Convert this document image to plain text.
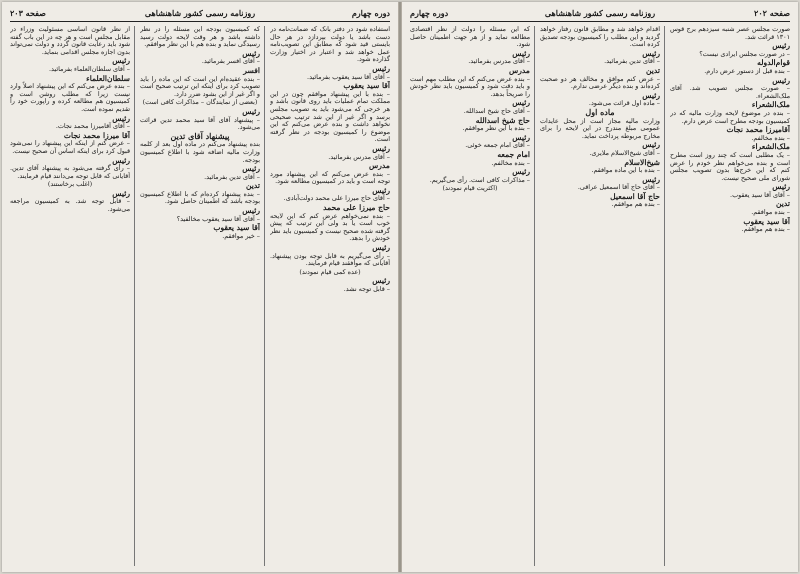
دوره چهارم
روزنامه رسمی کشور شاهنشاهی
صفحه ۲۰۳

استفاده شود در دفتر بانک که ضمانت‌نامه در دست باشد یا دولت بپردازد در هر حال بایستی قید شود که مطابق این تصویب‌نامه عمل خواهد شد و اعتبار در اختیار وزارت گذارده شود.

رئیس

– آقای آقا سید یعقوب بفرمائید.

آقا سید یعقوب

– بنده با این پیشنهاد موافقم چون در این مملکت تمام عملیات باید روی قانون باشد و هر خرجی که می‌شود باید به تصویب مجلس برسد و اگر غیر از این شد ترتیب صحیحی نخواهد داشت و بنده عرض می‌کنم که این موضوع را کمیسیون بودجه در نظر گرفته است.

رئیس

– آقای مدرس بفرمائید.

مدرس

– بنده عرض می‌کنم که این پیشنهاد مورد توجه است و باید در کمیسیون مطالعه شود.

رئیس

– آقای حاج میرزا علی محمد دولت‌آبادی.

حاج میرزا علی محمد

– بنده نمی‌خواهم عرض کنم که این لایحه خوب است یا بد ولی این ترتیب که پیش گرفته شده صحیح نیست و کمیسیون باید نظر خودش را بدهد.

رئیس

– رأی می‌گیریم به قابل توجه بودن پیشنهاد. آقایانی که موافقند قیام فرمایند.

(عده کمی قیام نمودند)

رئیس

– قابل توجه نشد.

که کمیسیون بودجه این مسئله را در نظر داشته باشد و هر وقت لایحه دولت رسید رسیدگی نماید و بنده هم با این نظر موافقم.

رئیس

– آقای افسر بفرمائید.

افسر

– بنده عقیده‌ام این است که این ماده را باید تصویب کرد برای اینکه این ترتیب صحیح است و اگر غیر از این بشود ضرر دارد.

(بعضی از نمایندگان – مذاکرات کافی است)

رئیس

– پیشنهاد آقای آقا سید محمد تدین قرائت می‌شود.

پیشنهاد آقای تدین

بنده پیشنهاد می‌کنم در ماده اول بعد از کلمه وزارت مالیه اضافه شود با اطلاع کمیسیون بودجه.

رئیس

– آقای تدین بفرمائید.

تدین

– بنده پیشنهاد کرده‌ام که با اطلاع کمیسیون بودجه باشد که اطمینان حاصل شود.

رئیس

– آقای آقا سید یعقوب مخالفید؟

آقا سید یعقوب

– خیر موافقم.

از نظر قانون اساسی مسئولیت وزراء در مقابل مجلس است و هر چه در این باب گفته شود باید رعایت قانون گردد و دولت نمی‌تواند بدون اجازه مجلس اقدامی بنماید.

رئیس

– آقای سلطان‌العلماء بفرمائید.

سلطان‌العلماء

– بنده عرض می‌کنم که این پیشنهاد اصلاً وارد نیست زیرا که مطلب روشن است و کمیسیون هم مطالعه کرده و راپورت خود را تقدیم نموده است.

رئیس

– آقای آقامیرزا محمد نجات.

آقا میرزا محمد نجات

– عرض کنم از اینکه این پیشنهاد را نمی‌شود قبول کرد برای اینکه اساس آن صحیح نیست.

رئیس

– رأی گرفته می‌شود به پیشنهاد آقای تدین. آقایانی که قابل توجه می‌دانند قیام فرمایند.

(اغلب برخاستند)

رئیس

– قابل توجه شد. به کمیسیون مراجعه می‌شود.

صفحه ۲۰۲
روزنامه رسمی کشور شاهنشاهی
دوره چهارم

صورت مجلس عصر شنبه سیزدهم برج قوس ۱۳۰۱ قرائت شد.

رئیس

– در صورت مجلس ایرادی نیست؟

قوام‌الدوله

– بنده قبل از دستور عرض دارم.

رئیس

– صورت مجلس تصویب شد. آقای ملک‌الشعراء.

ملک‌الشعراء

– بنده در موضوع لایحه وزارت مالیه که در کمیسیون بودجه مطرح است عرض دارم.

آقامیرزا محمد نجات

– بنده مخالفم.

ملک‌الشعراء

– یک مطلبی است که چند روز است مطرح است و بنده می‌خواهم نظر خودم را عرض کنم که این خرج‌ها بدون تصویب مجلس شورای ملی صحیح نیست.

رئیس

– آقای آقا سید یعقوب.

تدین

– بنده موافقم.

آقا سید یعقوب

– بنده هم موافقم.

اقدام خواهد شد و مطابق قانون رفتار خواهد گردید و این مطلب را کمیسیون بودجه تصدیق کرده است.

رئیس

– آقای تدین بفرمائید.

تدین

– عرض کنم موافق و مخالف هر دو صحبت کرده‌اند و بنده دیگر عرضی ندارم.

رئیس

– ماده اول قرائت می‌شود.

ماده اول

وزارت مالیه مجاز است از محل عایدات عمومی مبلغ مندرج در این لایحه را برای مخارج مربوطه پرداخت نماید.

رئیس

– آقای شیخ‌الاسلام ملایری.

شیخ‌الاسلام

– بنده با این ماده موافقم.

رئیس

– آقای حاج آقا اسمعیل عراقی.

حاج آقا اسمعیل

– بنده هم موافقم.

که این مسئله را دولت از نظر اقتصادی مطالعه نماید و از هر جهت اطمینان حاصل شود.

رئیس

– آقای مدرس بفرمائید.

مدرس

– بنده عرض می‌کنم که این مطلب مهم است و باید دقت شود و کمیسیون باید نظر خودش را صریحاً بدهد.

رئیس

– آقای حاج شیخ اسدالله.

حاج شیخ اسدالله

– بنده با این نظر موافقم.

رئیس

– آقای امام جمعه خوئی.

امام جمعه

– بنده مخالفم.

رئیس

– مذاکرات کافی است. رأی می‌گیریم.

(اکثریت قیام نمودند)
